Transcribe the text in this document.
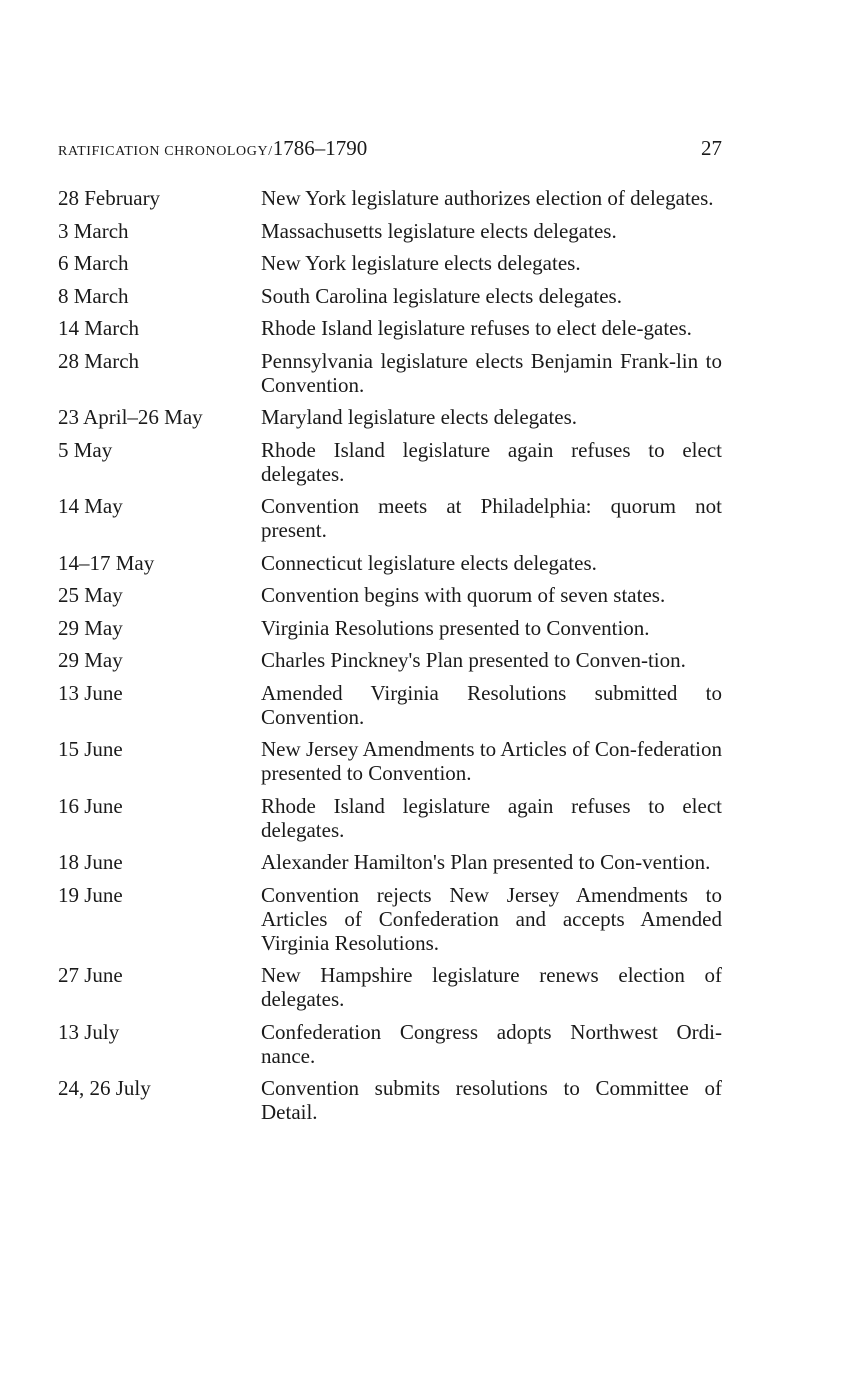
RATIFICATION CHRONOLOGY/1786–1790	27
28 February	New York legislature authorizes election of delegates.
3 March	Massachusetts legislature elects delegates.
6 March	New York legislature elects delegates.
8 March	South Carolina legislature elects delegates.
14 March	Rhode Island legislature refuses to elect dele-gates.
28 March	Pennsylvania legislature elects Benjamin Frank-lin to Convention.
23 April–26 May	Maryland legislature elects delegates.
5 May	Rhode Island legislature again refuses to elect delegates.
14 May	Convention meets at Philadelphia: quorum not present.
14–17 May	Connecticut legislature elects delegates.
25 May	Convention begins with quorum of seven states.
29 May	Virginia Resolutions presented to Convention.
29 May	Charles Pinckney's Plan presented to Conven-tion.
13 June	Amended Virginia Resolutions submitted to Convention.
15 June	New Jersey Amendments to Articles of Con-federation presented to Convention.
16 June	Rhode Island legislature again refuses to elect delegates.
18 June	Alexander Hamilton's Plan presented to Con-vention.
19 June	Convention rejects New Jersey Amendments to Articles of Confederation and accepts Amended Virginia Resolutions.
27 June	New Hampshire legislature renews election of delegates.
13 July	Confederation Congress adopts Northwest Ordi-nance.
24, 26 July	Convention submits resolutions to Committee of Detail.
